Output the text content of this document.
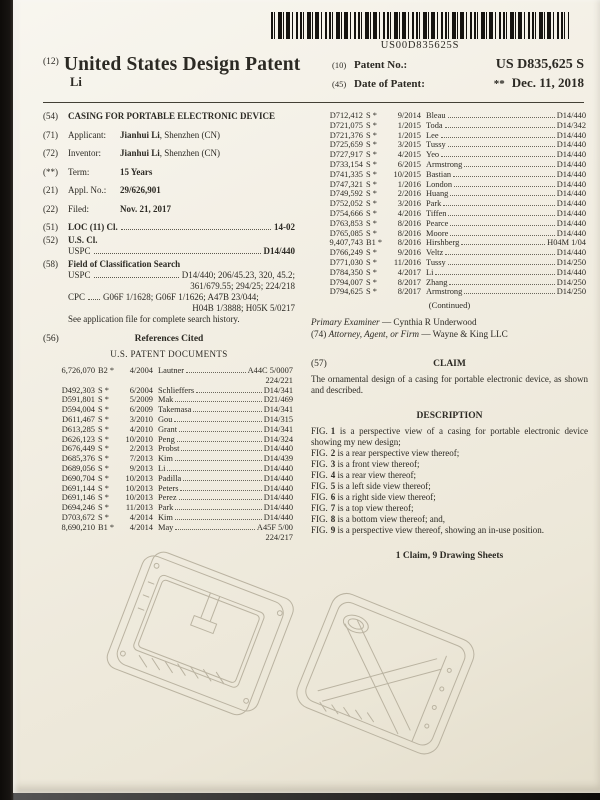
US00D835625S
$^{(12)}$ United States Design Patent
Li
(10) Patent No.:	US D835,625 S
(45) Date of Patent:	** Dec. 11, 2018
(54)	CASING FOR PORTABLE ELECTRONIC DEVICE
(71)	Applicant:	Jianhui Li, Shenzhen (CN)
(72)	Inventor:	Jianhui Li, Shenzhen (CN)
(**)	Term:	15 Years
(21)	Appl. No.:	29/626,901
(22)	Filed:	Nov. 21, 2017
(51)	LOC (11) Cl.	14-02
(52)	U.S. Cl.
USPC	D14/440
(58)	Field of Classification Search
USPC	D14/440; 206/45.23, 320, 45.2;
361/679.55; 294/25; 224/218
CPC G06F 1/1628; G06F 1/1626; A47B 23/044;
H04B 1/3888; H05K 5/0217
See application file for complete search history.
(56)	References Cited
U.S. PATENT DOCUMENTS
6,726,070 B2 *	4/2004 Lautner	A44C 5/0007
224/221
D492,303 S *	6/2004 Schlieffers	D14/341
D591,801 S *	5/2009 Mak	D21/469
D594,004 S *	6/2009 Takemasa	D14/341
D611,467 S *	3/2010 Gou	D14/315
D613,285 S *	4/2010 Grant	D14/341
D626,123 S *	10/2010 Peng	D14/324
D676,449 S *	2/2013 Probst	D14/440
D685,376 S *	7/2013 Kim	D14/439
D689,056 S *	9/2013 Li	D14/440
D690,704 S *	10/2013 Padilla	D14/440
D691,144 S *	10/2013 Peters	D14/440
D691,146 S *	10/2013 Perez	D14/440
D694,246 S *	11/2013 Park	D14/440
D703,672 S *	4/2014 Kim	D14/440
8,690,210 B1 *	4/2014 May	A45F 5/00
224/217
D712,412 S *	9/2014 Bleau	D14/440
D721,075 S *	1/2015 Toda	D14/342
D721,376 S *	1/2015 Lee	D14/440
D725,659 S *	3/2015 Tussy	D14/440
D727,917 S *	4/2015 Yeo	D14/440
D733,154 S *	6/2015 Armstrong	D14/440
D741,335 S *	10/2015 Bastian	D14/440
D747,321 S *	1/2016 London	D14/440
D749,592 S *	2/2016 Huang	D14/440
D752,052 S *	3/2016 Park	D14/440
D754,666 S *	4/2016 Tiffen	D14/440
D763,853 S *	8/2016 Pearce	D14/440
D765,085 S *	8/2016 Moore	D14/440
9,407,743 B1 *	8/2016 Hirshberg	H04M 1/04
D766,249 S *	9/2016 Veltz	D14/440
D771,030 S *	11/2016 Tussy	D14/250
D784,350 S *	4/2017 Li	D14/440
D794,007 S *	8/2017 Zhang	D14/250
D794,625 S *	8/2017 Armstrong	D14/250
(Continued)
Primary Examiner — Cynthia R Underwood
(74) Attorney, Agent, or Firm — Wayne & King LLC
(57)	CLAIM
The ornamental design of a casing for portable electronic device, as shown and described.
DESCRIPTION
FIG. 1 is a perspective view of a casing for portable electronic device showing my new design;
FIG. 2 is a rear perspective view thereof;
FIG. 3 is a front view thereof;
FIG. 4 is a rear view thereof;
FIG. 5 is a left side view thereof;
FIG. 6 is a right side view thereof;
FIG. 7 is a top view thereof;
FIG. 8 is a bottom view thereof; and,
FIG. 9 is a perspective view thereof, showing an in-use position.
1 Claim, 9 Drawing Sheets
